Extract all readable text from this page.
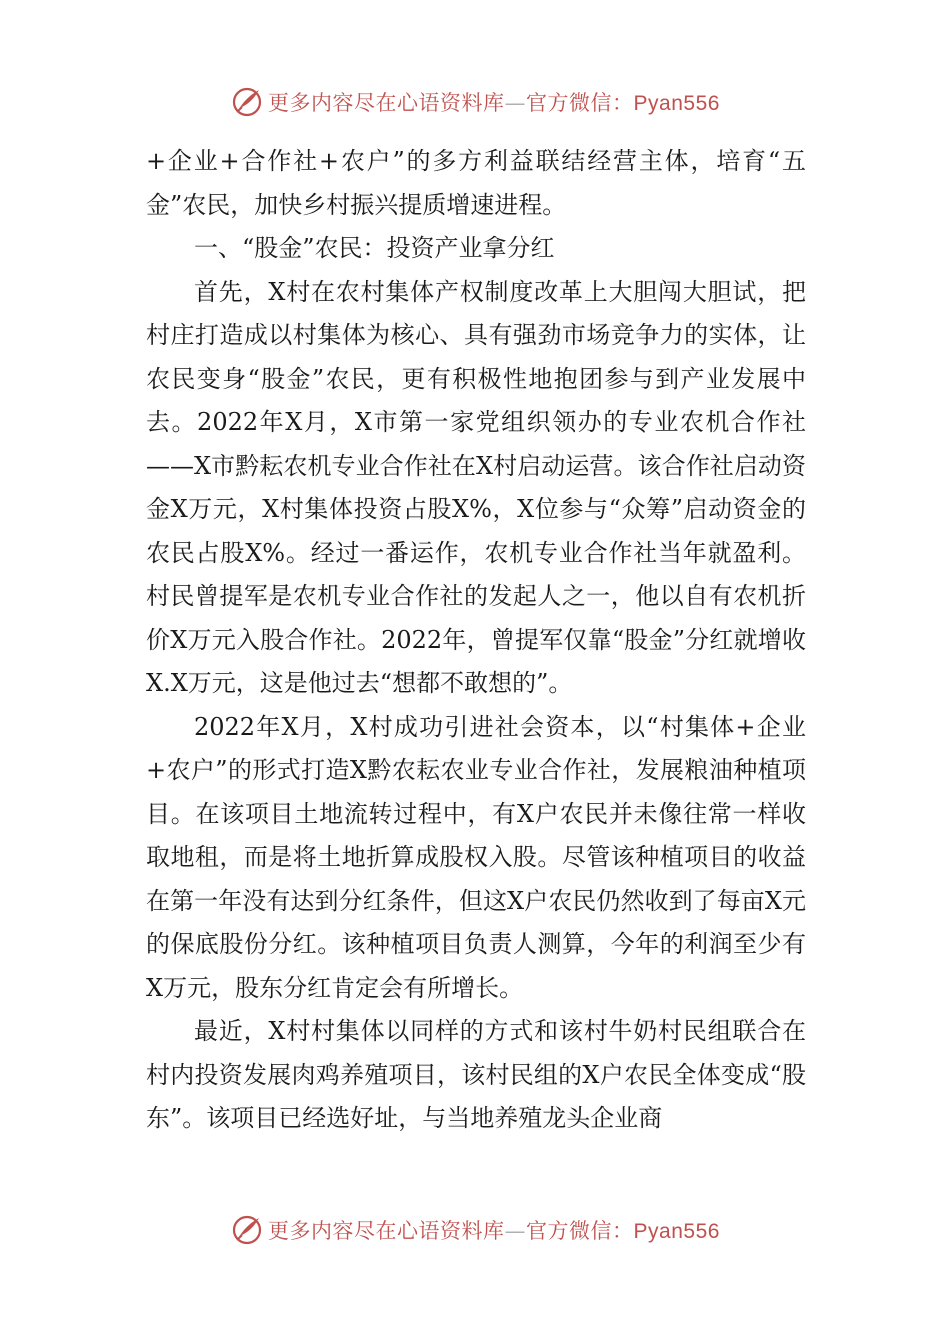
更多内容尽在心语资料库—官方微信：Pyan556

+企业+合作社+农户”的多方利益联结经营主体，培育“五金”农民，加快乡村振兴提质增速进程。

一、“股金”农民：投资产业拿分红

首先，X村在农村集体产权制度改革上大胆闯大胆试，把村庄打造成以村集体为核心、具有强劲市场竞争力的实体，让农民变身“股金”农民，更有积极性地抱团参与到产业发展中去。2022年X月，X市第一家党组织领办的专业农机合作社——X市黔耘农机专业合作社在X村启动运营。该合作社启动资金X万元，X村集体投资占股X%，X位参与“众筹”启动资金的农民占股X%。经过一番运作，农机专业合作社当年就盈利。村民曾提军是农机专业合作社的发起人之一，他以自有农机折价X万元入股合作社。2022年，曾提军仅靠“股金”分红就增收X.X万元，这是他过去“想都不敢想的”。

2022年X月，X村成功引进社会资本，以“村集体+企业+农户”的形式打造X黔农耘农业专业合作社，发展粮油种植项目。在该项目土地流转过程中，有X户农民并未像往常一样收取地租，而是将土地折算成股权入股。尽管该种植项目的收益在第一年没有达到分红条件，但这X户农民仍然收到了每亩X元的保底股份分红。该种植项目负责人测算，今年的利润至少有X万元，股东分红肯定会有所增长。

最近，X村村集体以同样的方式和该村牛奶村民组联合在村内投资发展肉鸡养殖项目，该村民组的X户农民全体变成“股东”。该项目已经选好址，与当地养殖龙头企业商

更多内容尽在心语资料库—官方微信：Pyan556
